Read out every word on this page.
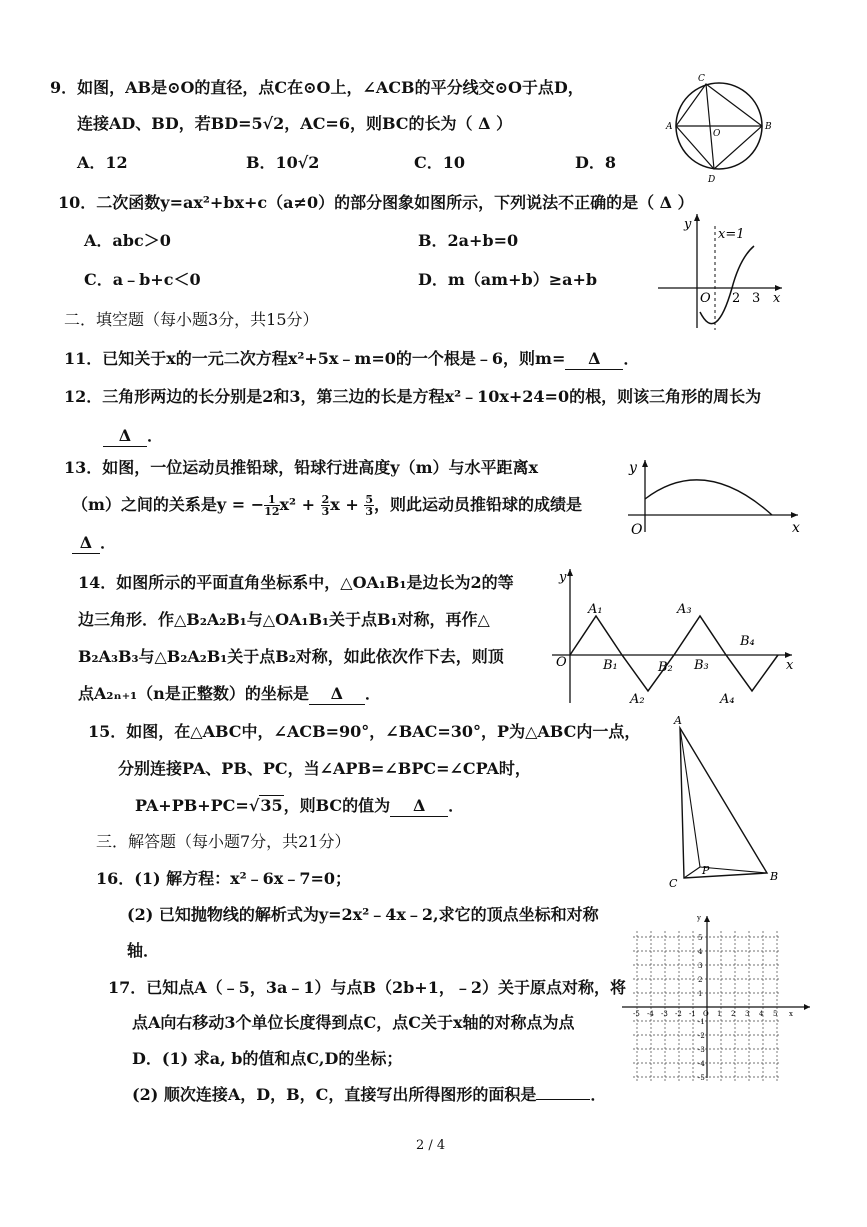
9．如图，AB是⊙O的直径，点C在⊙O上，∠ACB的平分线交⊙O于点D，
连接AD、BD，若BD=5√2，AC=6，则BC的长为（ Δ ）
A．12	B．10√2	C．10	D．8
C
A
O
B
D
10．二次函数y=ax²+bx+c（a≠0）的部分图象如图所示，下列说法不正确的是（ Δ ）
A．abc＞0	B．2a+b=0
C．a﹣b+c＜0	D．m（am+b）≥a+b
y
x=1
O 2 3 x
二．填空题（每小题3分，共15分）
11．已知关于x的一元二次方程x²+5x﹣m=0的一个根是﹣6，则m= Δ ．
12．三角形两边的长分别是2和3，第三边的长是方程x²﹣10x+24=0的根，则该三角形的周长为
Δ ．
13．如图，一位运动员推铅球，铅球行进高度y（m）与水平距离x
（m）之间的关系是y = − $\frac{1}{12} x^2 + \frac{2}{3}$ $x + \frac{5}{3}$ ，则此运动员推铅球的成绩是
Δ ．
y
O	x
14．如图所示的平面直角坐标系中，△OA₁B₁是边长为2的等
边三角形．作△B₂A₂B₁与△OA₁B₁关于点B₁对称，再作△
B₂A₃B₃与△B₂A₂B₁关于点B₂对称，如此依次作下去，则顶
点A₂ₙ₊₁（n是正整数）的坐标是 Δ ．
y
A₁	A₃
B₄
O	B₁	B₂ B₃	x
A₂	A₄
15．如图，在△ABC中，∠ACB=90°，∠BAC=30°，P为△ABC内一点，
分别连接PA、PB、PC，当∠APB=∠BPC=∠CPA时，
PA+PB+PC=√35，则BC的值为 Δ ．
A
P
C
B
三．解答题（每小题7分，共21分）
16．(1) 解方程：x²﹣6x﹣7=0；
(2) 已知抛物线的解析式为y=2x²﹣4x﹣2,求它的顶点坐标和对称
轴．
17．已知点A（﹣5，3a﹣1）与点B（2b+1，﹣2）关于原点对称，将
点A向右移动3个单位长度得到点C，点C关于x轴的对称点为点
D．(1) 求a, b的值和点C,D的坐标；
(2) 顺次连接A，D，B，C，直接写出所得图形的面积是	．
-5 -4 -3 -2 -1 O 1 2 3 4 5 x
y
5
4
3
2
1
-1
-2
-3
-4
-5
2 / 4
